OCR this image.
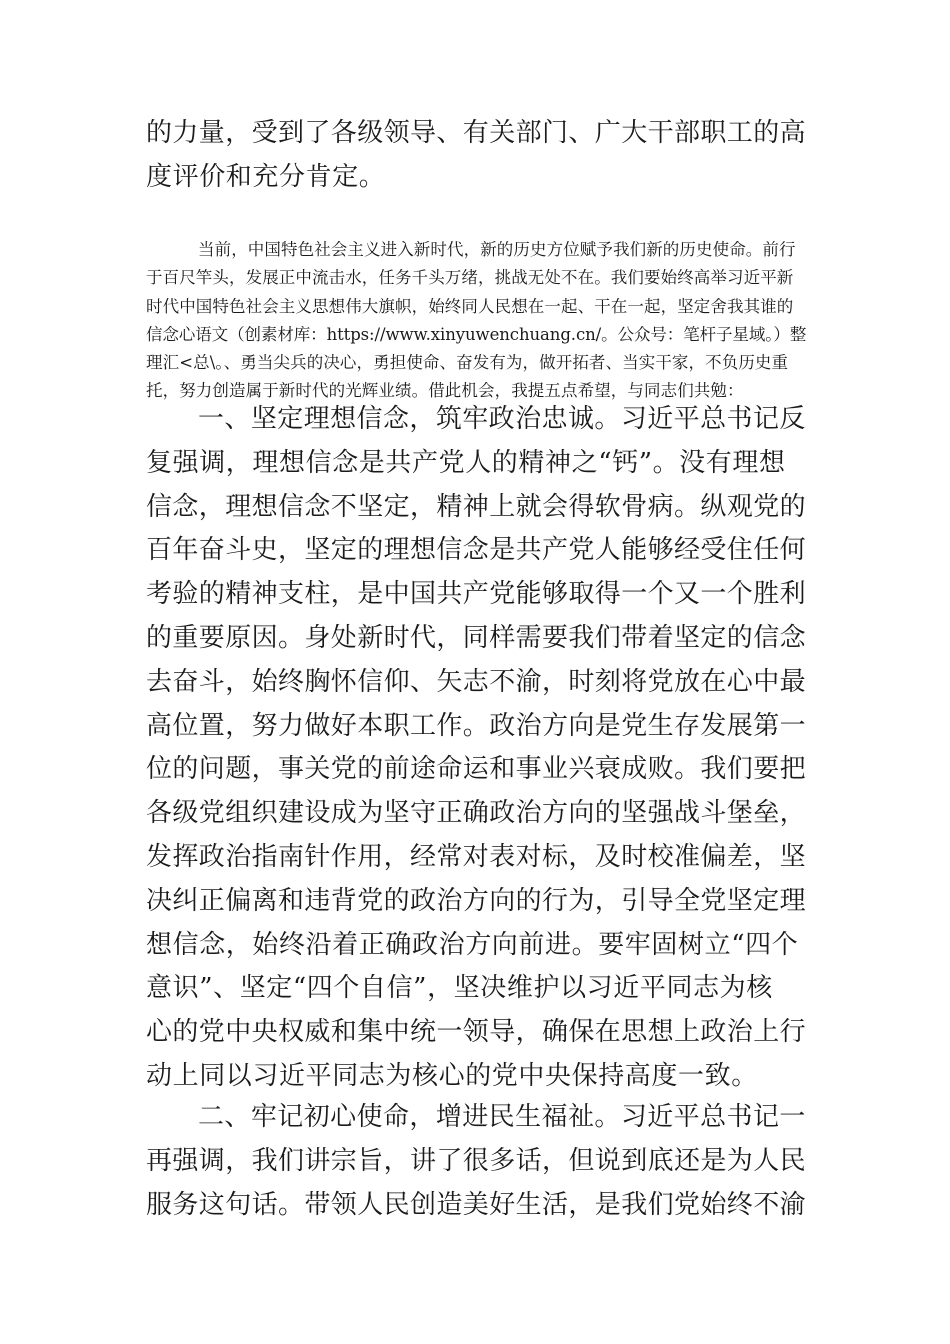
的力量，受到了各级领导、有关部门、广大干部职工的高
度评价和充分肯定。
当前，中国特色社会主义进入新时代，新的历史方位赋予我们新的历史使命。前行
于百尺竿头，发展正中流击水，任务千头万绪，挑战无处不在。我们要始终高举习近平新
时代中国特色社会主义思想伟大旗帜，始终同人民想在一起、干在一起，坚定舍我其谁的
信念心语文（创素材库：https://www.xinyuwenchuang.cn/。公众号：笔杆子星域。）整
理汇<总\。、勇当尖兵的决心，勇担使命、奋发有为，做开拓者、当实干家，不负历史重
托，努力创造属于新时代的光辉业绩。借此机会，我提五点希望，与同志们共勉：
一、坚定理想信念，筑牢政治忠诚。习近平总书记反
复强调，理想信念是共产党人的精神之“钙”。没有理想
信念，理想信念不坚定，精神上就会得软骨病。纵观党的
百年奋斗史，坚定的理想信念是共产党人能够经受住任何
考验的精神支柱，是中国共产党能够取得一个又一个胜利
的重要原因。身处新时代，同样需要我们带着坚定的信念
去奋斗，始终胸怀信仰、矢志不渝，时刻将党放在心中最
高位置，努力做好本职工作。政治方向是党生存发展第一
位的问题，事关党的前途命运和事业兴衰成败。我们要把
各级党组织建设成为坚守正确政治方向的坚强战斗堡垒，
发挥政治指南针作用，经常对表对标，及时校准偏差，坚
决纠正偏离和违背党的政治方向的行为，引导全党坚定理
想信念，始终沿着正确政治方向前进。要牢固树立“四个
意识”、坚定“四个自信”，坚决维护以习近平同志为核
心的党中央权威和集中统一领导，确保在思想上政治上行
动上同以习近平同志为核心的党中央保持高度一致。
二、牢记初心使命，增进民生福祉。习近平总书记一
再强调，我们讲宗旨，讲了很多话，但说到底还是为人民
服务这句话。带领人民创造美好生活，是我们党始终不渝
